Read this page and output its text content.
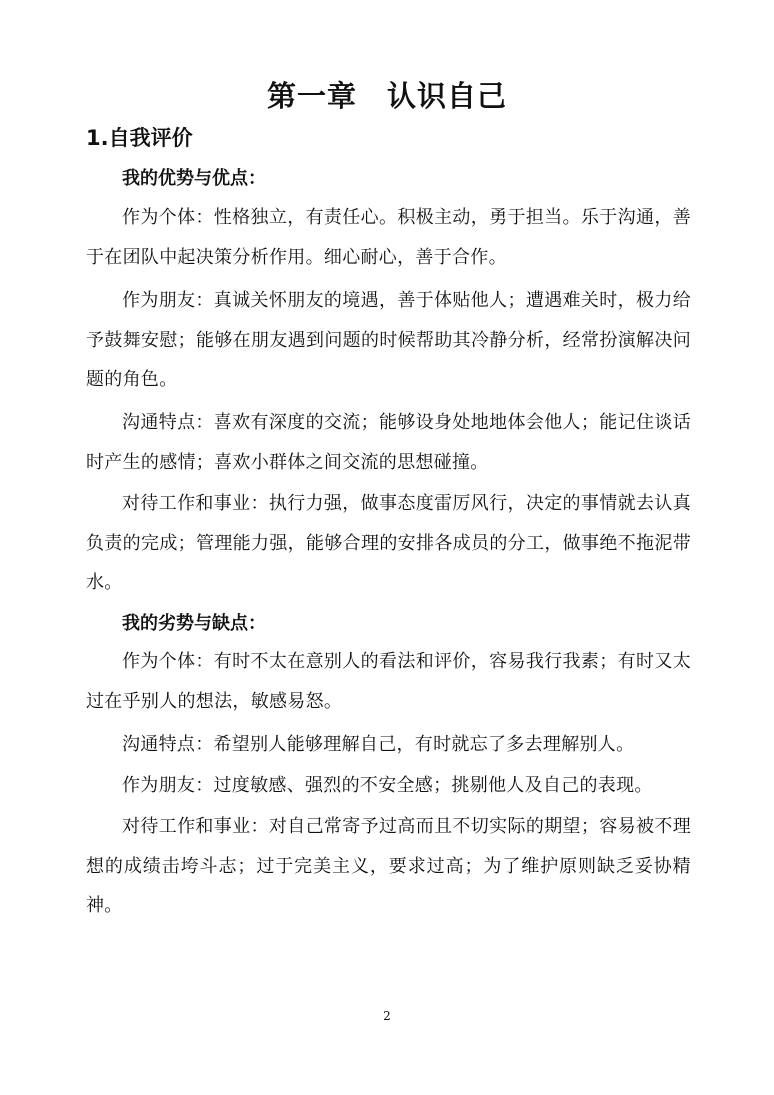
第一章　认识自己
1.自我评价
我的优势与优点：

作为个体：性格独立，有责任心。积极主动，勇于担当。乐于沟通，善于在团队中起决策分析作用。细心耐心，善于合作。

作为朋友：真诚关怀朋友的境遇，善于体贴他人；遭遇难关时，极力给予鼓舞安慰；能够在朋友遇到问题的时候帮助其冷静分析，经常扮演解决问题的角色。

沟通特点：喜欢有深度的交流；能够设身处地地体会他人；能记住谈话时产生的感情；喜欢小群体之间交流的思想碰撞。

对待工作和事业：执行力强，做事态度雷厉风行，决定的事情就去认真负责的完成；管理能力强，能够合理的安排各成员的分工，做事绝不拖泥带水。

我的劣势与缺点：

作为个体：有时不太在意别人的看法和评价，容易我行我素；有时又太过在乎别人的想法，敏感易怒。

沟通特点：希望别人能够理解自己，有时就忘了多去理解别人。

作为朋友：过度敏感、强烈的不安全感；挑剔他人及自己的表现。

对待工作和事业：对自己常寄予过高而且不切实际的期望；容易被不理想的成绩击垮斗志；过于完美主义，要求过高；为了维护原则缺乏妥协精神。

2
